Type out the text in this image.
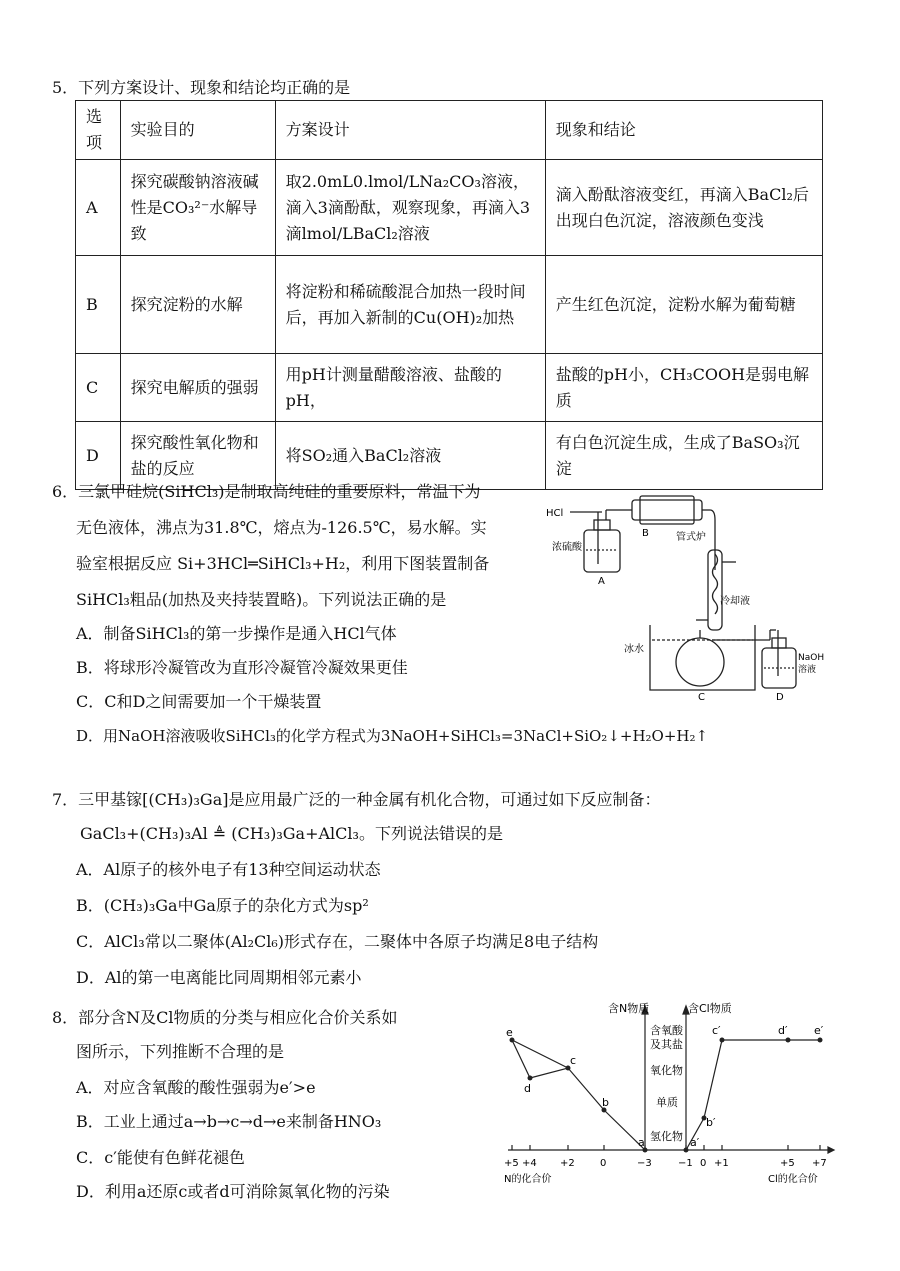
5．下列方案设计、现象和结论均正确的是
选项	实验目的	方案设计	现象和结论
A	探究碳酸钠溶液碱性是CO₃²⁻水解导致	取2.0mL0.lmol/LNa₂CO₃溶液，滴入3滴酚酞，观察现象，再滴入3滴lmol/LBaCl₂溶液	滴入酚酞溶液变红，再滴入BaCl₂后出现白色沉淀，溶液颜色变浅
B	探究淀粉的水解	将淀粉和稀硫酸混合加热一段时间后，再加入新制的Cu(OH)₂加热	产生红色沉淀，淀粉水解为葡萄糖
C	探究电解质的强弱	用pH计测量醋酸溶液、盐酸的pH，	盐酸的pH小，CH₃COOH是弱电解质
D	探究酸性氧化物和盐的反应	将SO₂通入BaCl₂溶液	有白色沉淀生成，生成了BaSO₃沉淀
6．三氯甲硅烷(SiHCl₃)是制取高纯硅的重要原料，常温下为
无色液体，沸点为31.8℃，熔点为-126.5℃，易水解。实
验室根据反应 Si+3HCl═SiHCl₃+H₂，利用下图装置制备
SiHCl₃粗品(加热及夹持装置略)。下列说法正确的是
A．制备SiHCl₃的第一步操作是通入HCl气体
B．将球形冷凝管改为直形冷凝管冷凝效果更佳
C．C和D之间需要加一个干燥装置
D．用NaOH溶液吸收SiHCl₃的化学方程式为3NaOH+SiHCl₃=3NaCl+SiO₂↓+H₂O+H₂↑
HCl
浓硫酸
A
B	管式炉
冷却液
冰水
C
NaOH
溶液
D
7．三甲基镓[(CH₃)₃Ga]是应用最广泛的一种金属有机化合物，可通过如下反应制备：
GaCl₃+(CH₃)₃Al ≜ (CH₃)₃Ga+AlCl₃。下列说法错误的是
A．Al原子的核外电子有13种空间运动状态
B．(CH₃)₃Ga中Ga原子的杂化方式为sp²
C．AlCl₃常以二聚体(Al₂Cl₆)形式存在，二聚体中各原子均满足8电子结构
D．Al的第一电离能比同周期相邻元素小
8．部分含N及Cl物质的分类与相应化合价关系如
图所示，下列推断不合理的是
A．对应含氧酸的酸性强弱为e′>e
B．工业上通过a→b→c→d→e来制备HNO₃
C．c′能使有色鲜花褪色
D．利用a还原c或者d可消除氮氧化物的污染
含N物质	含Cl物质
含氧酸
及其盐
氧化物
单质
氢化物
e
d
c
b
a	a′
b′
c′	d′ e′
+5 +4 +2	0	−3	−1 0 +1	+5 +7
N的化合价	Cl的化合价
